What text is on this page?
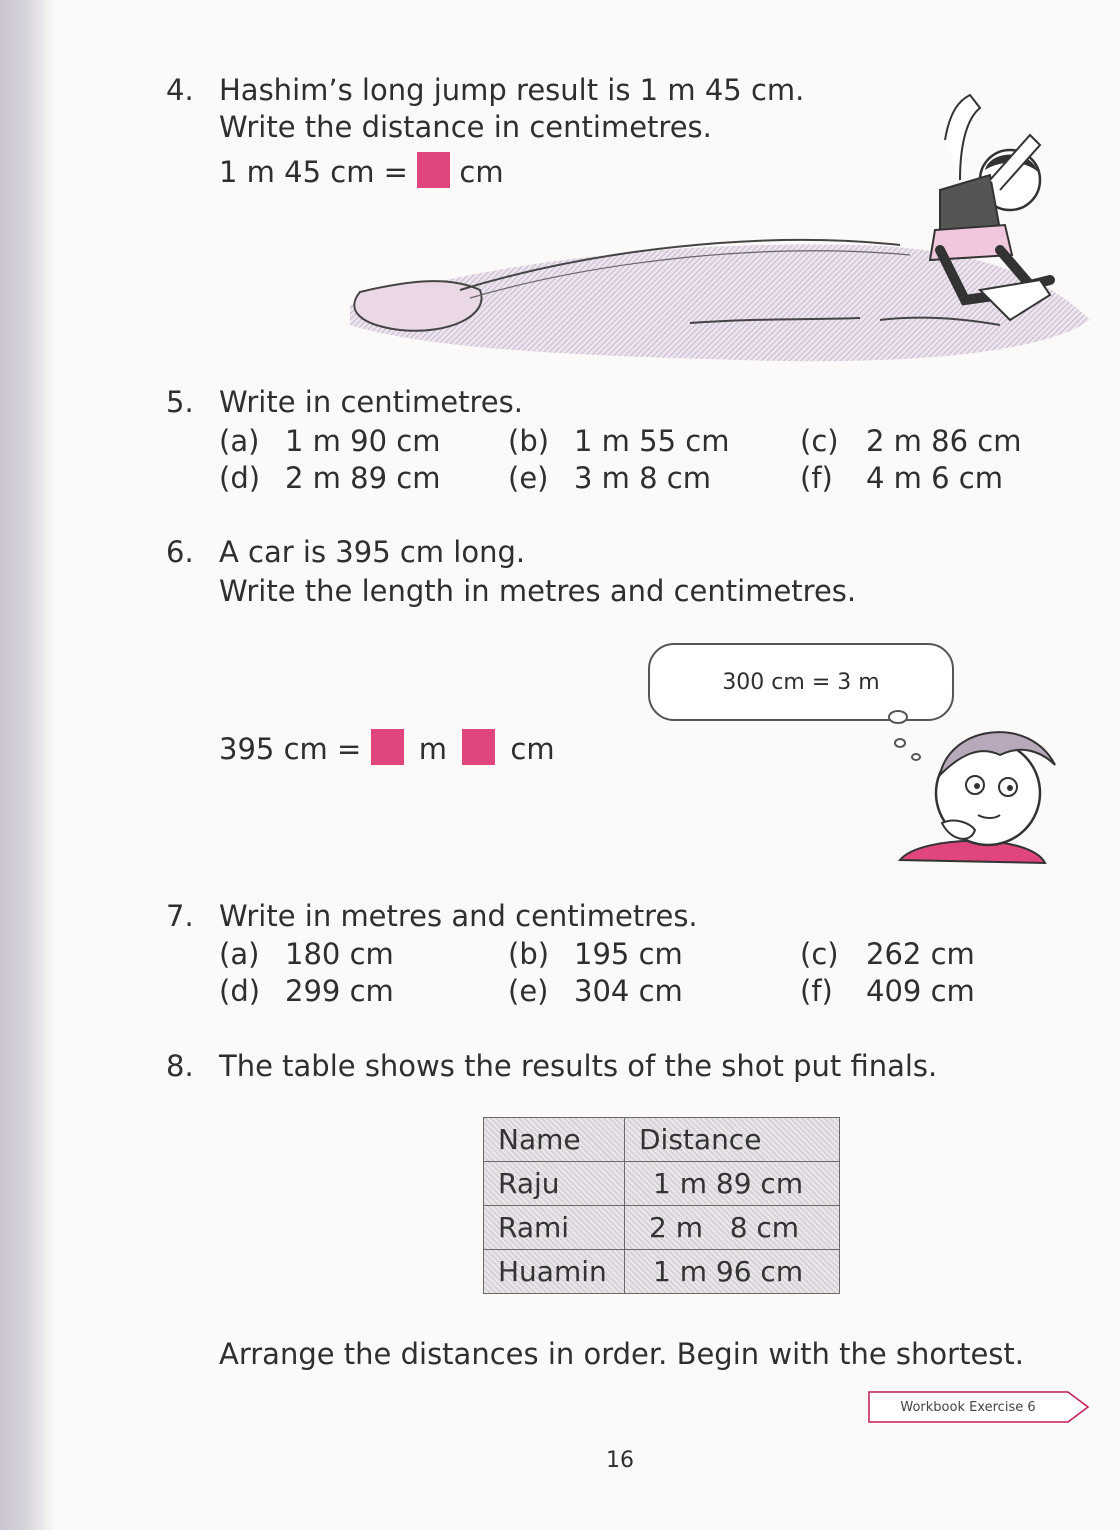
4. Hashim’s long jump result is 1 m 45 cm.
Write the distance in centimetres.
1 m 45 cm = cm
5. Write in centimetres.
(a) 1 m 90 cm (b) 1 m 55 cm (c) 2 m 86 cm
(d) 2 m 89 cm (e) 3 m 8 cm	(f) 4 m 6 cm
6. A car is 395 cm long.
Write the length in metres and centimetres.
300 cm = 3 m
395 cm = m cm
7. Write in metres and centimetres.
(a) 180 cm	(b) 195 cm	(c) 262 cm
(d) 299 cm	(e) 304 cm	(f) 409 cm
8. The table shows the results of the shot put finals.
Name	Distance
Raju	1 m 89 cm
Rami	2 m   8 cm
Huamin	1 m 96 cm
Arrange the distances in order. Begin with the shortest.
Workbook Exercise 6
16
